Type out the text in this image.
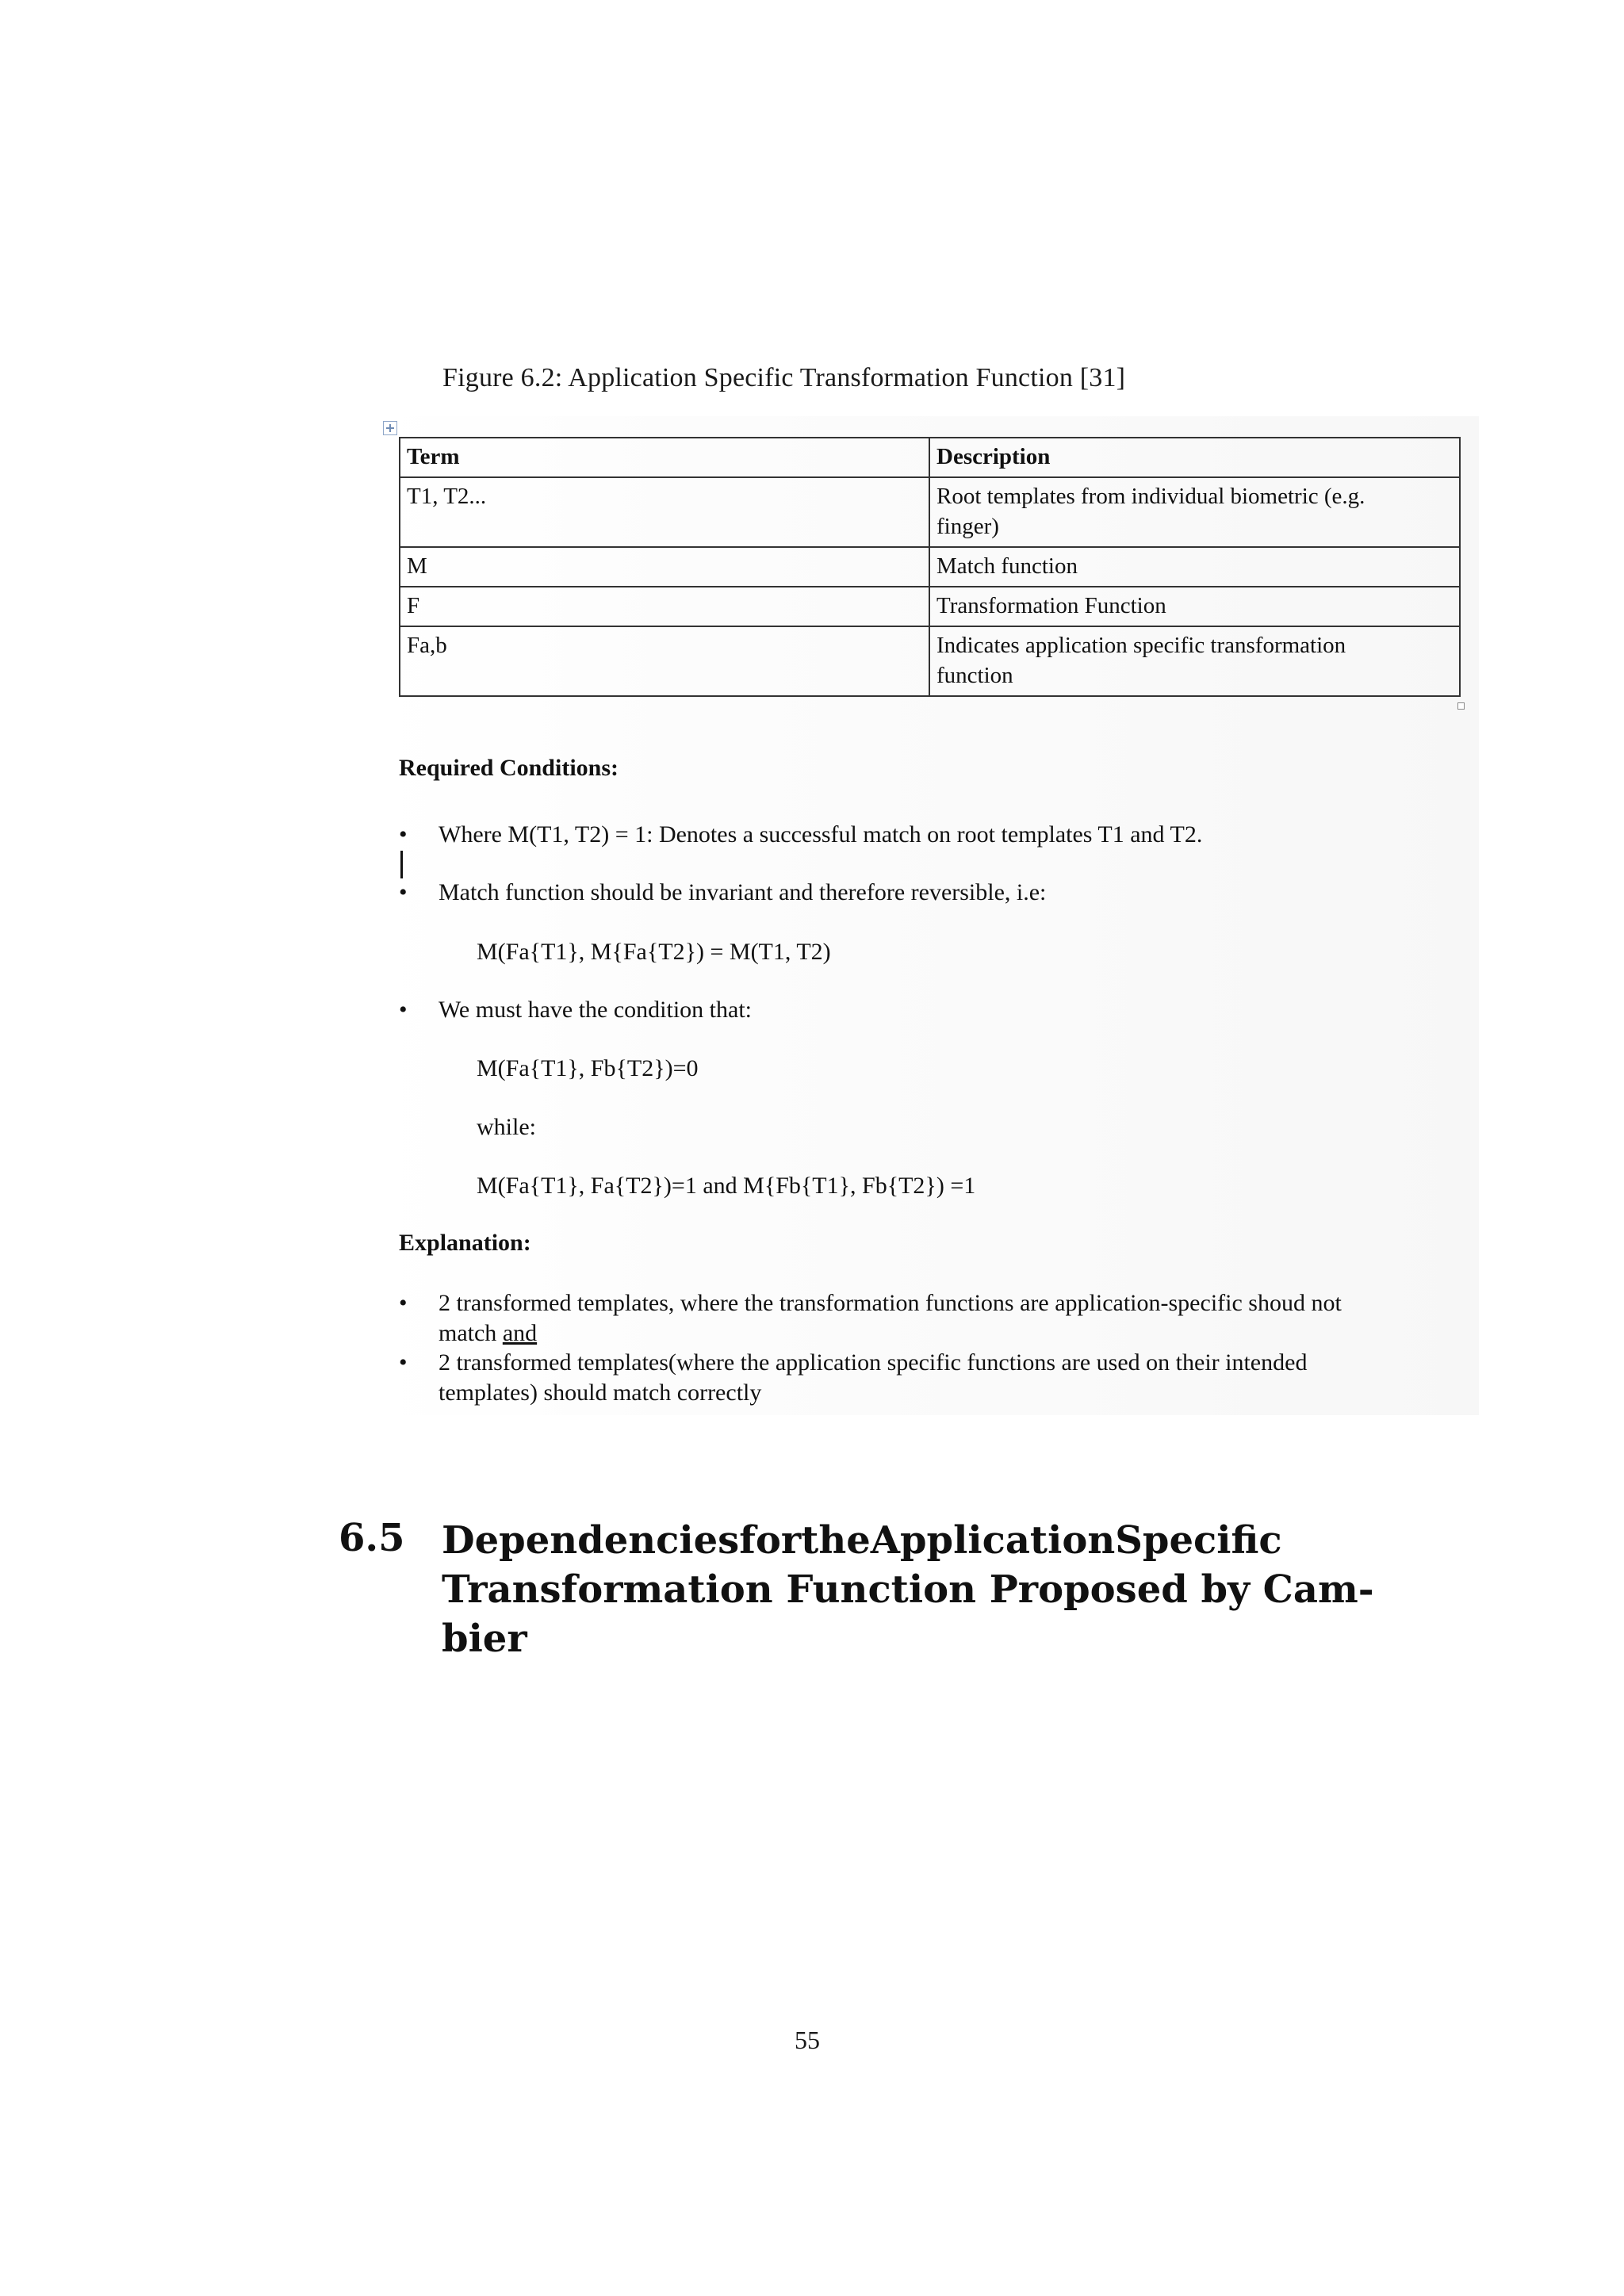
Figure 6.2: Application Specific Transformation Function [31]
Term	Description
T1, T2...	Root templates from individual biometric (e.g.
finger)
M	Match function
F	Transformation Function
Fa,b	Indicates application specific transformation
function
Required Conditions:
• Where M(T1, T2) = 1: Denotes a successful match on root templates T1 and T2.
• Match function should be invariant and therefore reversible, i.e:
M(Fa{T1}, M{Fa{T2}) = M(T1, T2)
• We must have the condition that:
M(Fa{T1}, Fb{T2})=0
while:
M(Fa{T1}, Fa{T2})=1 and M{Fb{T1}, Fb{T2}) =1
Explanation:
• 2 transformed templates, where the transformation functions are application-specific shoud not
match and
• 2 transformed templates(where the application specific functions are used on their intended
templates) should match correctly
6.5 Dependencies for the Application Specific
Transformation Function Proposed by Cam-
bier
55
